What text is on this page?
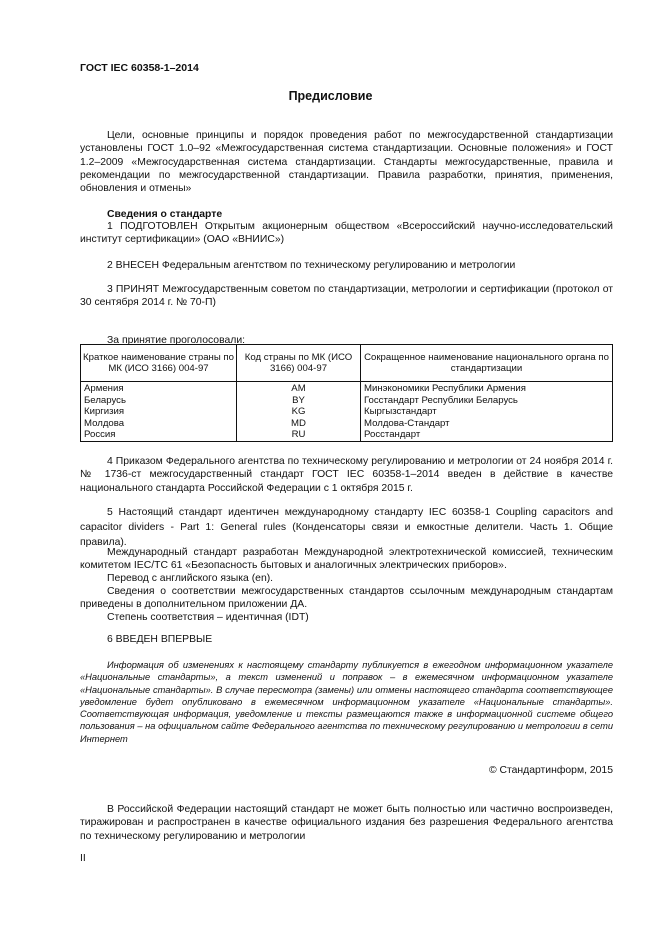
ГОСТ IEC 60358-1–2014
Предисловие
Цели, основные принципы и порядок проведения работ по межгосударственной стандартизации установлены ГОСТ 1.0–92 «Межгосударственная система стандартизации. Основные положения» и ГОСТ 1.2–2009 «Межгосударственная система стандартизации. Стандарты межгосударственные, правила и рекомендации по межгосударственной стандартизации. Правила разработки, принятия, применения, обновления и отмены»
Сведения о стандарте
1 ПОДГОТОВЛЕН Открытым акционерным обществом «Всероссийский научно-исследовательский институт сертификации» (ОАО «ВНИИС»)
2 ВНЕСЕН Федеральным агентством по техническому регулированию и метрологии
3 ПРИНЯТ Межгосударственным советом по стандартизации, метрологии и сертификации (протокол от 30 сентября 2014 г. № 70-П)
За принятие проголосовали:
Краткое наименование страны по МК (ИСО 3166) 004-97	Код страны по МК (ИСО 3166) 004-97	Сокращенное наименование национального органа по стандартизации
Армения	AM	Минэкономики Республики Армения
Беларусь	BY	Госстандарт Республики Беларусь
Киргизия	KG	Кыргызстандарт
Молдова	MD	Молдова-Стандарт
Россия	RU	Росстандарт
4 Приказом Федерального агентства по техническому регулированию и метрологии от 24 ноября 2014 г. № 1736-ст межгосударственный стандарт ГОСТ IEC 60358-1–2014 введен в действие в качестве национального стандарта Российской Федерации с 1 октября 2015 г.
5 Настоящий стандарт идентичен международному стандарту IEC 60358-1 Coupling capacitors and capacitor dividers - Part 1: General rules (Конденсаторы связи и емкостные делители. Часть 1. Общие правила).
Международный стандарт разработан Международной электротехнической комиссией, техническим комитетом IEC/TC 61 «Безопасность бытовых и аналогичных электрических приборов».
Перевод с английского языка (en).
Сведения о соответствии межгосударственных стандартов ссылочным международным стандартам приведены в дополнительном приложении ДА.
Степень соответствия – идентичная (IDT)
6 ВВЕДЕН ВПЕРВЫЕ
Информация об изменениях к настоящему стандарту публикуется в ежегодном информационном указателе «Национальные стандарты», а текст изменений и поправок – в ежемесячном информационном указателе «Национальные стандарты». В случае пересмотра (замены) или отмены настоящего стандарта соответствующее уведомление будет опубликовано в ежемесячном информационном указателе «Национальные стандарты». Соответствующая информация, уведомление и тексты размещаются также в информационной системе общего пользования – на официальном сайте Федерального агентства по техническому регулированию и метрологии в сети Интернет
© Стандартинформ, 2015
В Российской Федерации настоящий стандарт не может быть полностью или частично воспроизведен, тиражирован и распространен в качестве официального издания без разрешения Федерального агентства по техническому регулированию и метрологии
II
